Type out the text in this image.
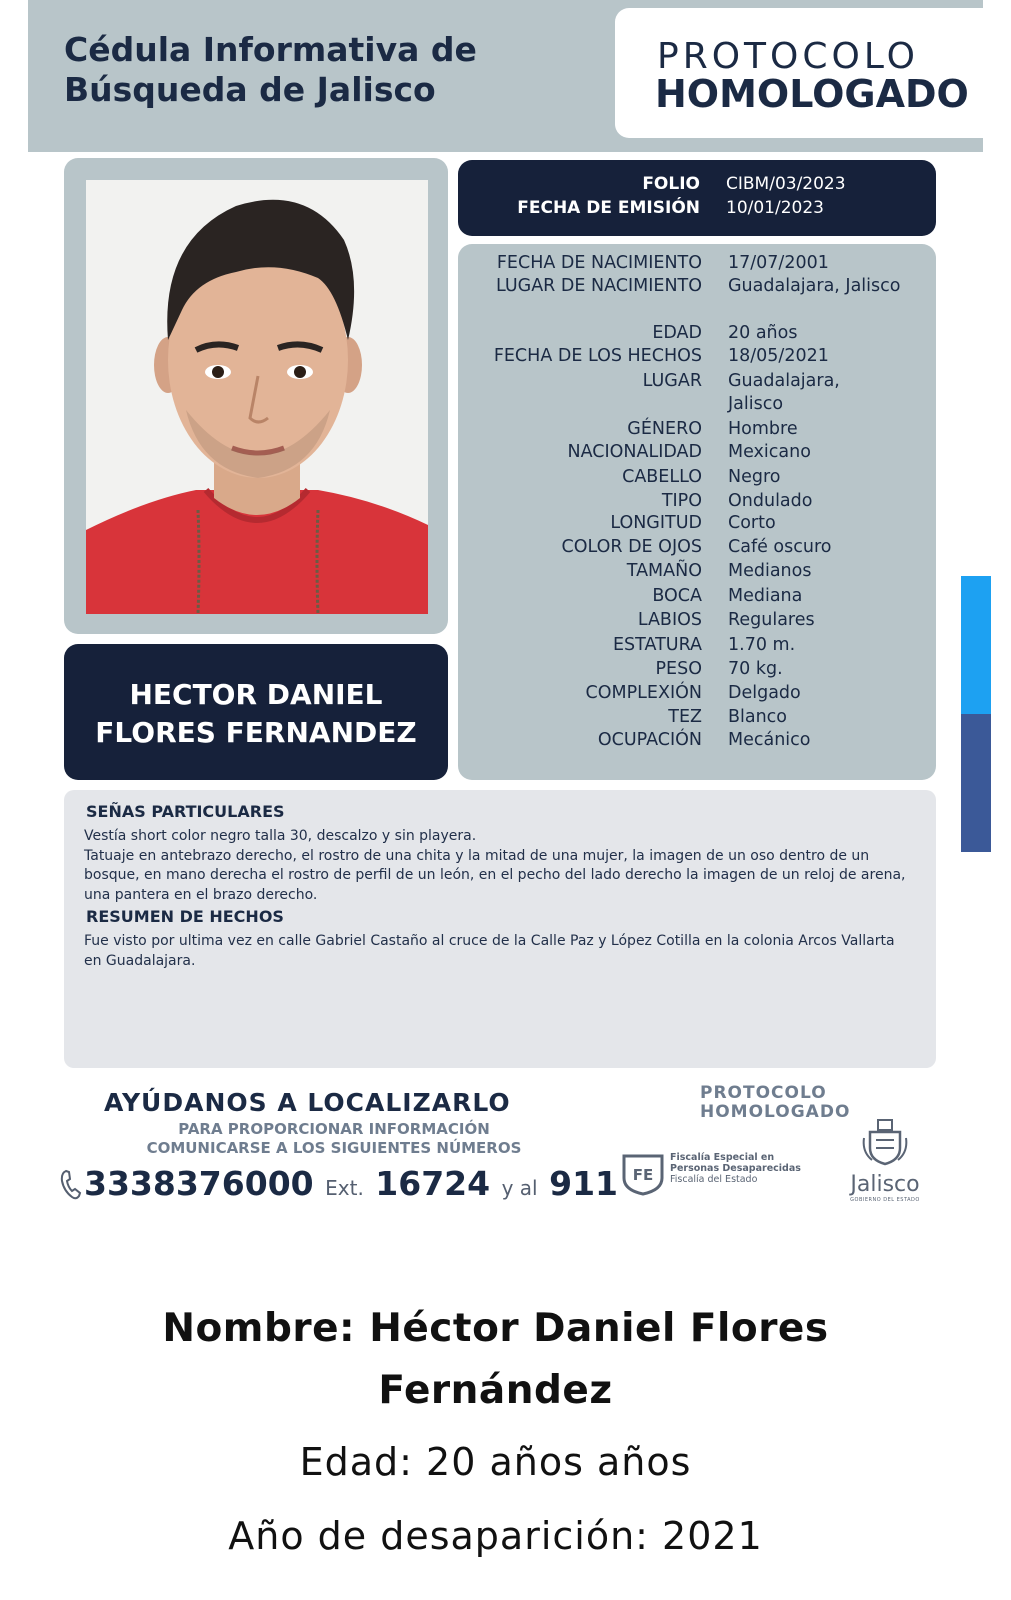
Cédula Informativa de
Búsqueda de Jalisco
PROTOCOLO
HOMOLOGADO
HECTOR DANIEL
FLORES FERNANDEZ
FOLIO CIBM/03/2023
FECHA DE EMISIÓN 10/01/2023
FECHA DE NACIMIENTO 17/07/2001
LUGAR DE NACIMIENTO Guadalajara, Jalisco
EDAD 20 años
FECHA DE LOS HECHOS 18/05/2021
LUGAR Guadalajara,
Jalisco
GÉNERO Hombre
NACIONALIDAD Mexicano
CABELLO Negro
TIPO Ondulado
LONGITUD Corto
COLOR DE OJOS Café oscuro
TAMAÑO Medianos
BOCA Mediana
LABIOS Regulares
ESTATURA 1.70 m.
PESO 70 kg.
COMPLEXIÓN Delgado
TEZ Blanco
OCUPACIÓN Mecánico
SEÑAS PARTICULARES
Vestía short color negro talla 30, descalzo y sin playera.
Tatuaje en antebrazo derecho, el rostro de una chita y la mitad de una mujer, la imagen de un oso dentro de un bosque, en mano derecha el rostro de perfil de un león, en el pecho del lado derecho la imagen de un reloj de arena, una pantera en el brazo derecho.
RESUMEN DE HECHOS
Fue visto por ultima vez en calle Gabriel Castaño al cruce de la Calle Paz y López Cotilla en la colonia Arcos Vallarta en Guadalajara.
AYÚDANOS A LOCALIZARLO
PARA PROPORCIONAR INFORMACIÓN
COMUNICARSE A LOS SIGUIENTES NÚMEROS
3338376000 Ext. 16724 y al 911
PROTOCOLO
HOMOLOGADO
FE
Fiscalía Especial en
Personas Desaparecidas
Fiscalía del Estado	Jalisco
GOBIERNO DEL ESTADO
Nombre: Héctor Daniel Flores
Fernández
Edad: 20 años años
Año de desaparición: 2021
